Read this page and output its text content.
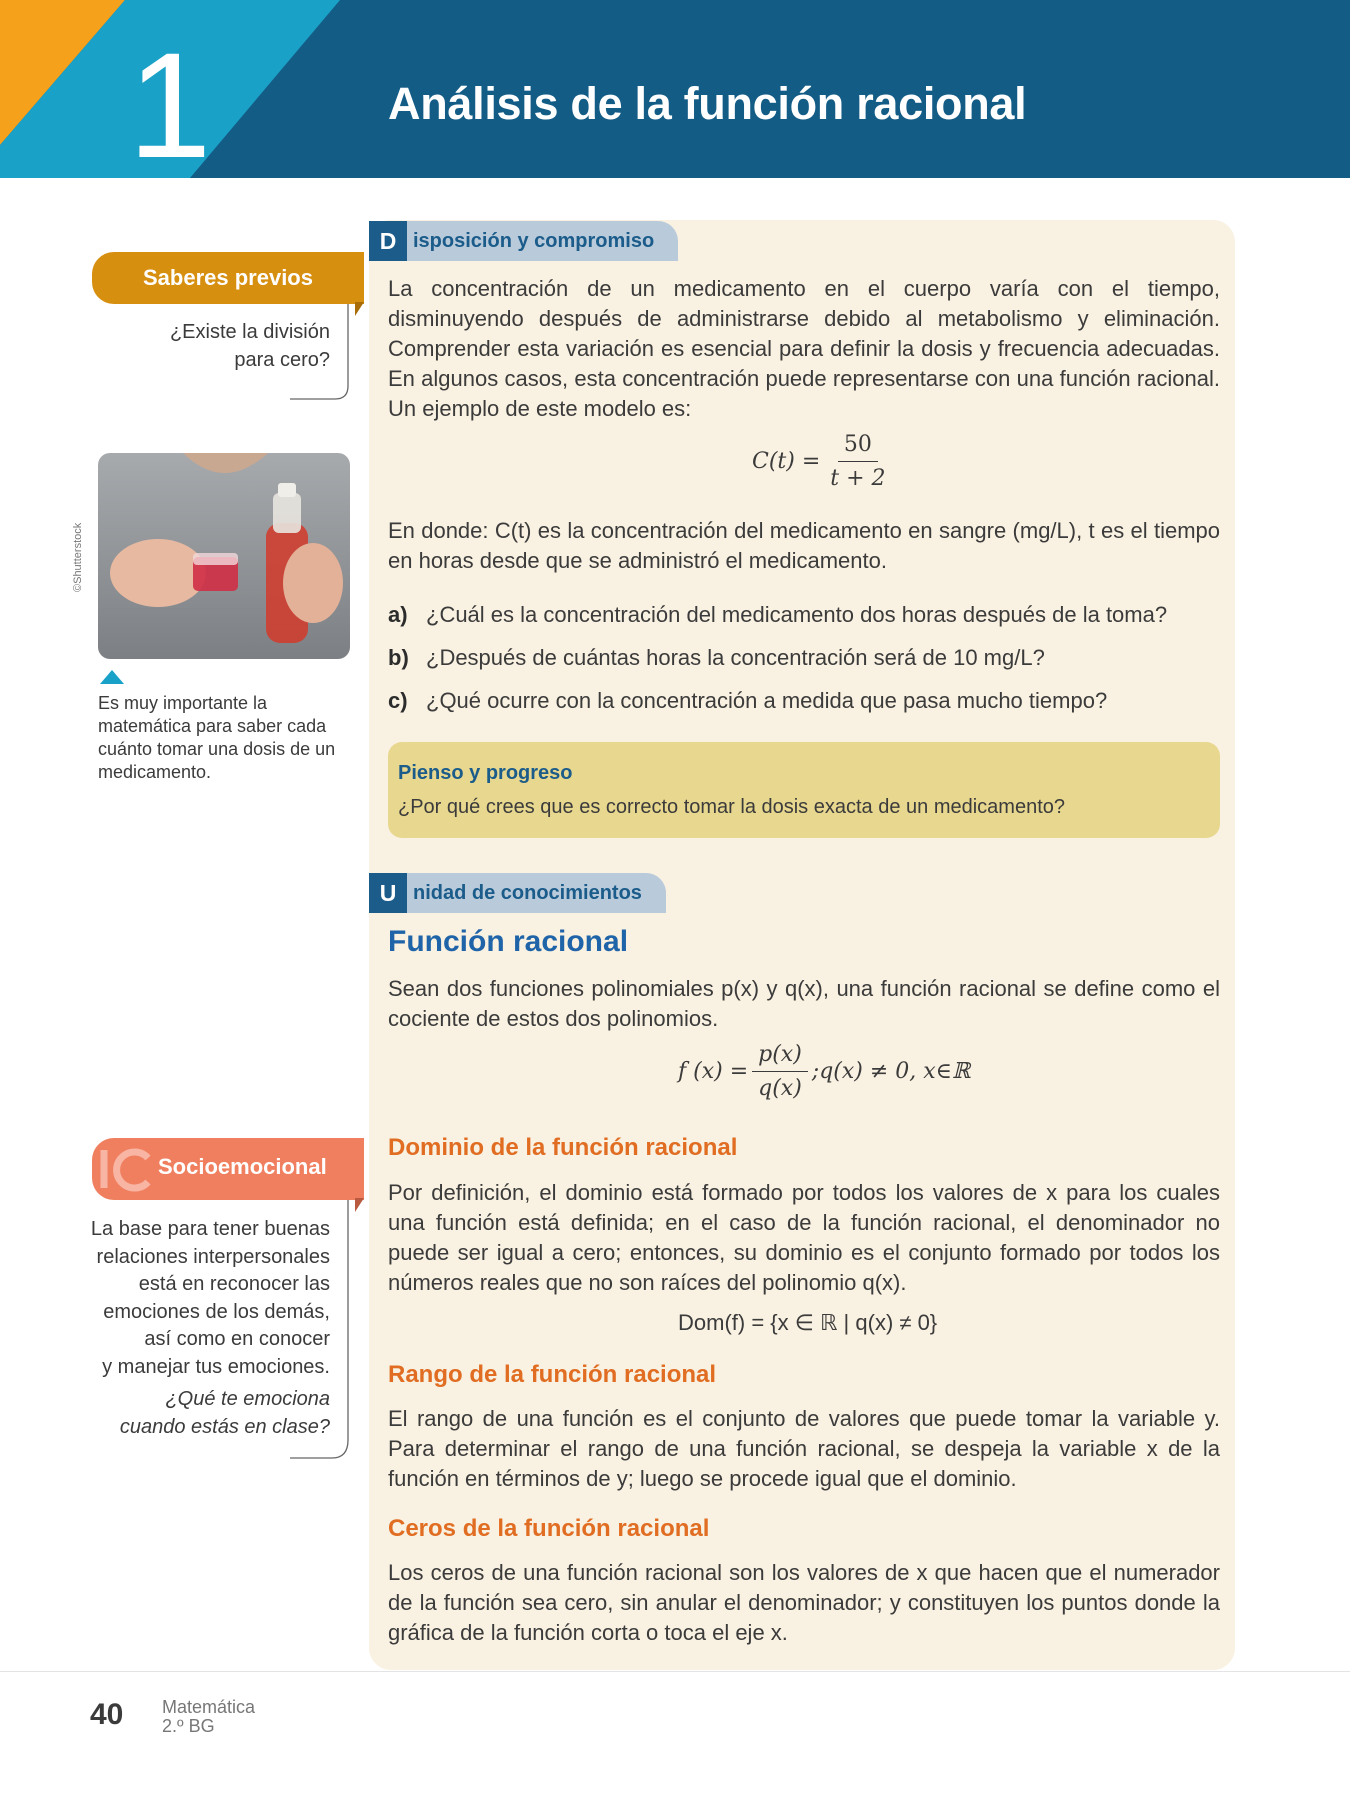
1	Análisis de la función racional
Saberes previos
¿Existe la división
para cero?
©Shutterstock
Es muy importante la matemática para saber cada cuánto tomar una dosis de un medicamento.
Socioemocional
La base para tener buenas
relaciones interpersonales
está en reconocer las
emociones de los demás,
así como en conocer
y manejar tus emociones.
¿Qué te emociona
cuando estás en clase?
D isposición y compromiso
La concentración de un medicamento en el cuerpo varía con el tiempo, disminuyendo después de administrarse debido al metabolismo y eliminación. Comprender esta variación es esencial para definir la dosis y frecuencia adecuadas. En algunos casos, esta concentración puede representarse con una función racional. Un ejemplo de este modelo es:
$C(t) = \frac{50}{t + 2}$
En donde: C(t) es la concentración del medicamento en sangre (mg/L), t es el tiempo en horas desde que se administró el medicamento.
a) ¿Cuál es la concentración del medicamento dos horas después de la toma?
b) ¿Después de cuántas horas la concentración será de 10 mg/L?
c) ¿Qué ocurre con la concentración a medida que pasa mucho tiempo?
Pienso y progreso
¿Por qué crees que es correcto tomar la dosis exacta de un medicamento?
U nidad de conocimientos
Función racional
Sean dos funciones polinomiales p(x) y q(x), una función racional se define como el cociente de estos dos polinomios.
f $(x) = \frac{p(x)}{q(x)}$ ;q(x) ≠ 0, x∈ℝ
Dominio de la función racional
Por definición, el dominio está formado por todos los valores de x para los cuales una función está definida; en el caso de la función racional, el denominador no puede ser igual a cero; entonces, su dominio es el conjunto formado por todos los números reales que no son raíces del polinomio q(x).
Dom(f) = {x ∈ ℝ | q(x) ≠ 0}
Rango de la función racional
El rango de una función es el conjunto de valores que puede tomar la variable y. Para determinar el rango de una función racional, se despeja la variable x de la función en términos de y; luego se procede igual que el dominio.
Ceros de la función racional
Los ceros de una función racional son los valores de x que hacen que el numerador de la función sea cero, sin anular el denominador; y constituyen los puntos donde la gráfica de la función corta o toca el eje x.
40 Matemática
2.º BG
